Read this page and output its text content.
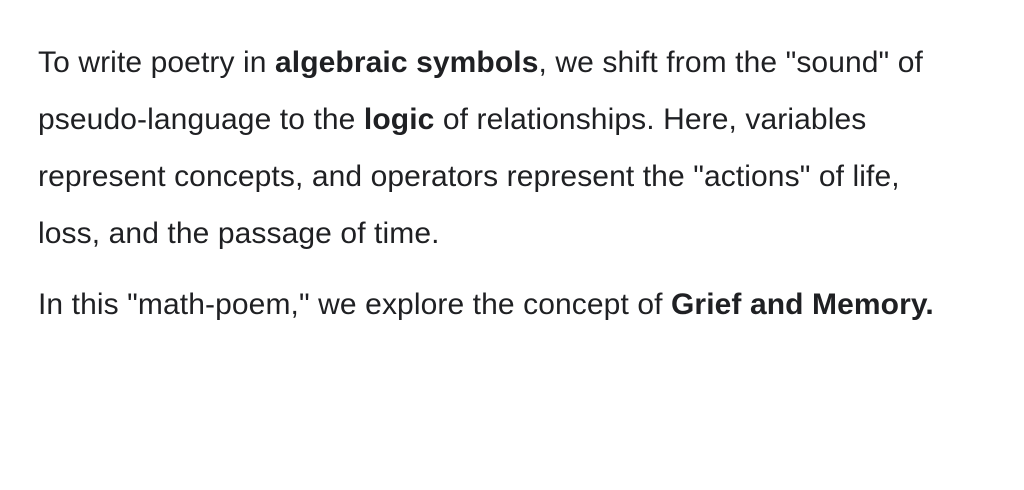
To write poetry in algebraic symbols, we shift from the "sound" of pseudo-language to the logic of relationships. Here, variables represent concepts, and operators represent the "actions" of life, loss, and the passage of time.

In this "math-poem," we explore the concept of Grief and Memory.
